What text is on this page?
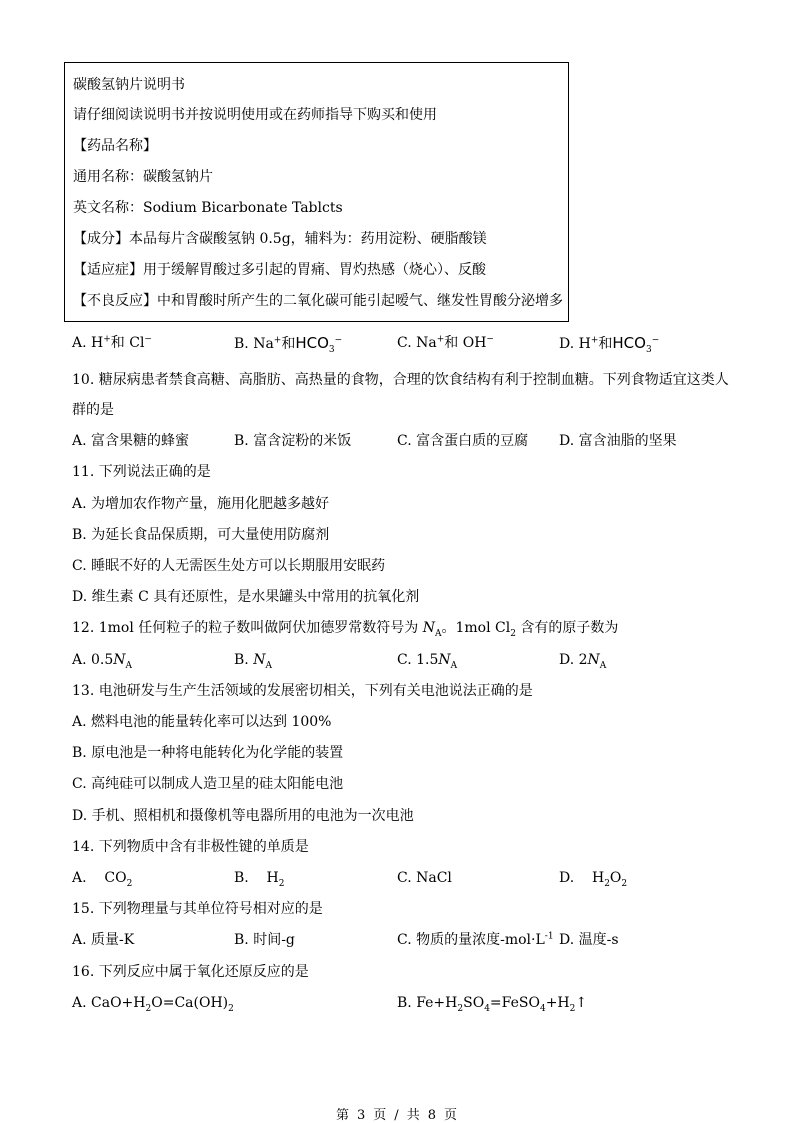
碳酸氢钠片说明书
请仔细阅读说明书并按说明使用或在药师指导下购买和使用
【药品名称】
通用名称：碳酸氢钠片
英文名称：Sodium Bicarbonate Tablcts
【成分】本品每片含碳酸氢钠 0.5g，辅料为：药用淀粉、硬脂酸镁
【适应症】用于缓解胃酸过多引起的胃痛、胃灼热感（烧心）、反酸
【不良反应】中和胃酸时所产生的二氧化碳可能引起嗳气、继发性胃酸分泌增多
A. H+和 Cl−	B. Na+和$HCO_3^-$	C. Na+和 OH−	D. H+和$HCO_3^-$
10. 糖尿病患者禁食高糖、高脂肪、高热量的食物，合理的饮食结构有利于控制血糖。下列食物适宜这类人
群的是
A. 富含果糖的蜂蜜	B. 富含淀粉的米饭	C. 富含蛋白质的豆腐 D. 富含油脂的坚果
11. 下列说法正确的是
A. 为增加农作物产量，施用化肥越多越好
B. 为延长食品保质期，可大量使用防腐剂
C. 睡眠不好的人无需医生处方可以长期服用安眠药
D. 维生素 C 具有还原性，是水果罐头中常用的抗氧化剂
12. 1mol 任何粒子的粒子数叫做阿伏加德罗常数符号为 $N_A$。1mol $Cl_2$ 含有的原子数为
A. $0.5N_A$	B. $N_A$	C. $1.5N_A$	D. $2N_A$
13. 电池研发与生产生活领域的发展密切相关，下列有关电池说法正确的是
A. 燃料电池的能量转化率可以达到 100%
B. 原电池是一种将电能转化为化学能的装置
C. 高纯硅可以制成人造卫星的硅太阳能电池
D. 手机、照相机和摄像机等电器所用的电池为一次电池
14. 下列物质中含有非极性键的单质是
A.    $CO_2$	B.    $H_2$	C. NaCl	D.    $H_2O_2$
15. 下列物理量与其单位符号相对应的是
A. 质量-K	B. 时间-g	C. 物质的量浓度$-mol\cdot L^{-1}$ D. 温度-s
16. 下列反应中属于氧化还原反应的是
A. $CaO+H_2O=Ca(OH)_2$	B. $Fe+H_2SO_4=FeSO_4+H_2↑$
第 3 页 / 共 8 页
